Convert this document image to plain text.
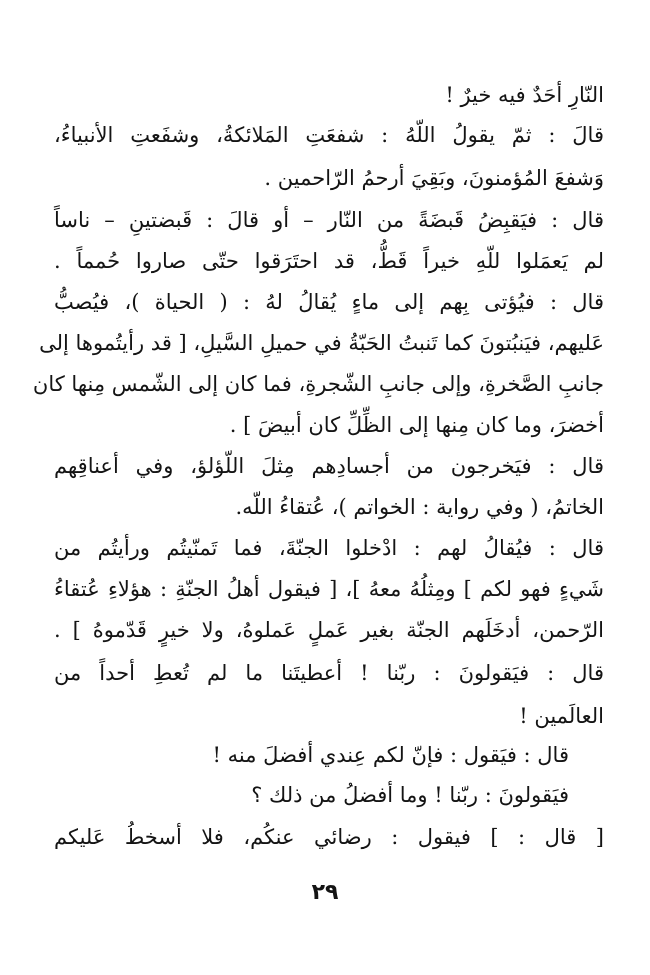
النّارِ أحَدٌ فيه خيرٌ !
قالَ : ثمّ يقولُ اللّهُ : شفعَتِ المَلائكةُ، وشفَعتِ الأنبياءُ،
وَشفعَ المُؤمنونَ، وبَقِيَ أرحمُ الرّاحمين .
قال : فيَقبِضُ قَبضَةً من النّار – أو قالَ : قَبضتينِ – ناساً
لم يَعمَلوا للّهِ خيراً قَطُّ، قد احتَرَقوا حتّى صاروا حُمماً .
قال : فيُؤتى بِهم إلى ماءٍ يُقالُ لهُ : ( الحياة )، فيُصبُّ
عَليهم، فيَنبُتونَ كما تَنبتُ الحَبّةُ في حميلِ السَّيلِ، [ قد رأيتُموها إلى
جانبِ الصَّخرةِ، وإلى جانبِ الشّجرةِ، فما كان إلى الشّمس مِنها كان
أخضرَ، وما كان مِنها إلى الظِّلِّ كان أبيضَ ] .
قال : فيَخرجون من أجسادِهم مِثلَ اللّؤلؤ، وفي أعناقِهم
الخاتمُ، ( وفي رواية : الخواتم )، عُتقاءُ اللّه.
قال : فيُقالُ لهم : ادْخلوا الجنّةَ، فما تَمنّيتُم ورأيتُم من
شَيءٍ فهو لكم ] ومِثلُهُ معهُ ]، [ فيقول أهلُ الجنّةِ : هؤلاءِ عُتقاءُ
الرّحمن، أدخَلَهم الجنّة بغير عَملٍ عَملوهُ، ولا خيرٍ قَدّموهُ ] .
قال : فيَقولونَ : ربّنا ! أعطيتَنا ما لم تُعطِ أحداً من
العالَمين !
قال : فيَقول : فإنّ لكم عِندي أفضلَ منه !
فيَقولونَ : ربّنا ! وما أفضلُ من ذلك ؟
[ قال : ] فيقول : رضائي عنكُم، فلا أسخطُ عَليكم
٢٩
